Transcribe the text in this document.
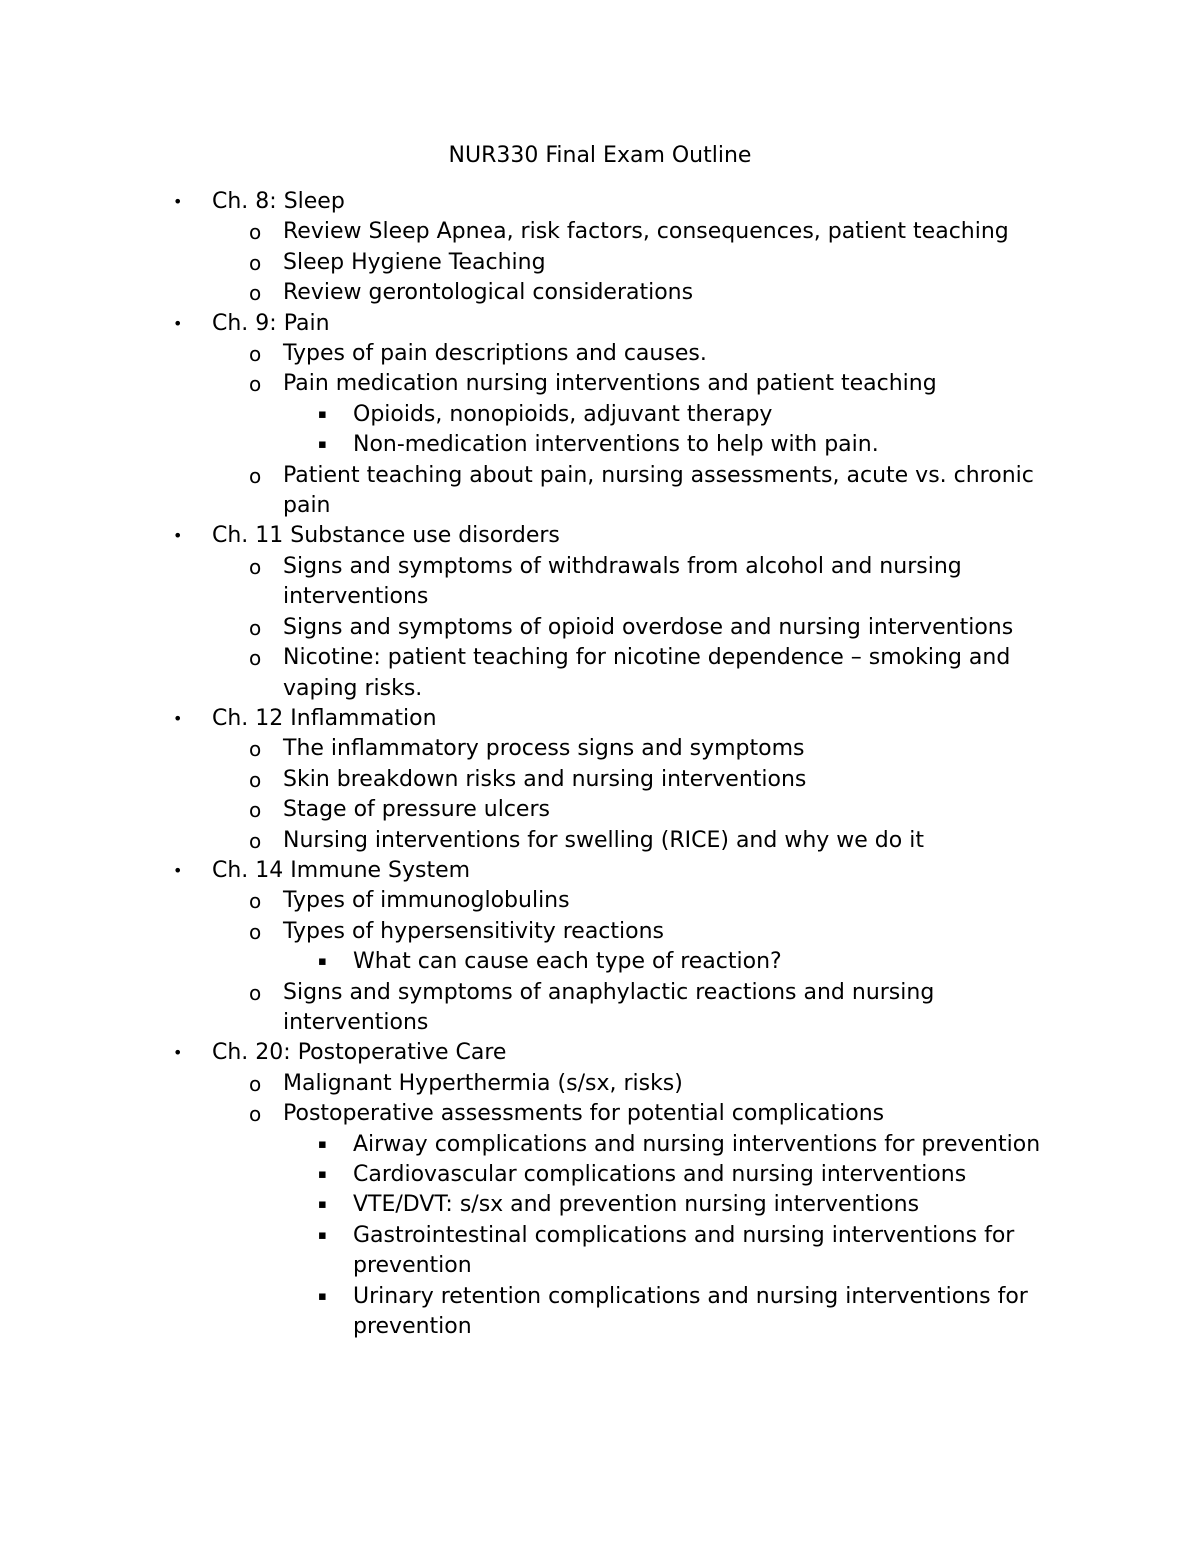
NUR330 Final Exam Outline
• Ch. 8: Sleep
o Review Sleep Apnea, risk factors, consequences, patient teaching
o Sleep Hygiene Teaching
o Review gerontological considerations
• Ch. 9: Pain
o Types of pain descriptions and causes.
o Pain medication nursing interventions and patient teaching
▪ Opioids, nonopioids, adjuvant therapy
▪ Non-medication interventions to help with pain.
o Patient teaching about pain, nursing assessments, acute vs. chronic pain
• Ch. 11 Substance use disorders
o Signs and symptoms of withdrawals from alcohol and nursing interventions
o Signs and symptoms of opioid overdose and nursing interventions
o Nicotine: patient teaching for nicotine dependence – smoking and vaping risks.
• Ch. 12 Inflammation
o The inflammatory process signs and symptoms
o Skin breakdown risks and nursing interventions
o Stage of pressure ulcers
o Nursing interventions for swelling (RICE) and why we do it
• Ch. 14 Immune System
o Types of immunoglobulins
o Types of hypersensitivity reactions
▪ What can cause each type of reaction?
o Signs and symptoms of anaphylactic reactions and nursing interventions
• Ch. 20: Postoperative Care
o Malignant Hyperthermia (s/sx, risks)
o Postoperative assessments for potential complications
▪ Airway complications and nursing interventions for prevention
▪ Cardiovascular complications and nursing interventions
▪ VTE/DVT: s/sx and prevention nursing interventions
▪ Gastrointestinal complications and nursing interventions for prevention
▪ Urinary retention complications and nursing interventions for prevention
